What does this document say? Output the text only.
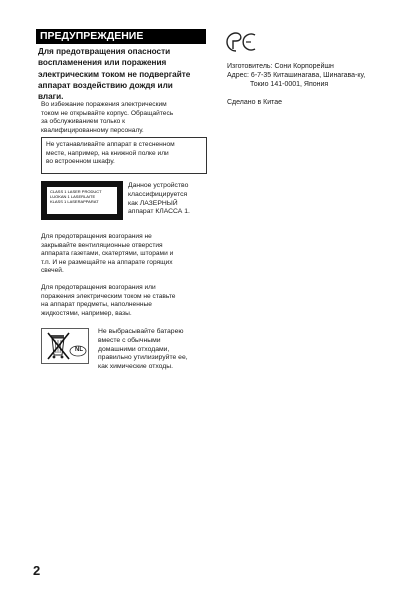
ПРЕДУПРЕЖДЕНИЕ
Для предотвращения опасности
воспламенения или поражения
электрическим током не подвергайте
аппарат воздействию дождя или
влаги.
Во избежание поражения электрическим
током не открывайте корпус. Обращайтесь
за обслуживанием только к
квалифицированному персоналу.
Не устанавливайте аппарат в стесненном
месте, например, на книжной полке или
во встроенном шкафу.
CLASS 1 LASER PRODUCT
LUOKAN 1 LASERLAITE
KLASS 1 LASERAPPARAT
Данное устройство
классифицируется
как ЛАЗЕРНЫЙ
аппарат КЛАССА 1.
Для предотвращения возгорания не
закрывайте вентиляционные отверстия
аппарата газетами, скатертями, шторами и
т.п. И не размещайте на аппарате горящих
свечей.
Для предотвращения возгорания или
поражения электрическим током не ставьте
на аппарат предметы, наполненные
жидкостями, например, вазы.
NL
Не выбрасывайте батарею
вместе с обычными
домашними отходами,
правильно утилизируйте ее,
как химические отходы.
Изготовитель: Сони Корпорейшн
Адрес: 6-7-35 Киташинагава, Шинагава-ку,
Токио 141-0001, Япония
Сделано в Китае
2
